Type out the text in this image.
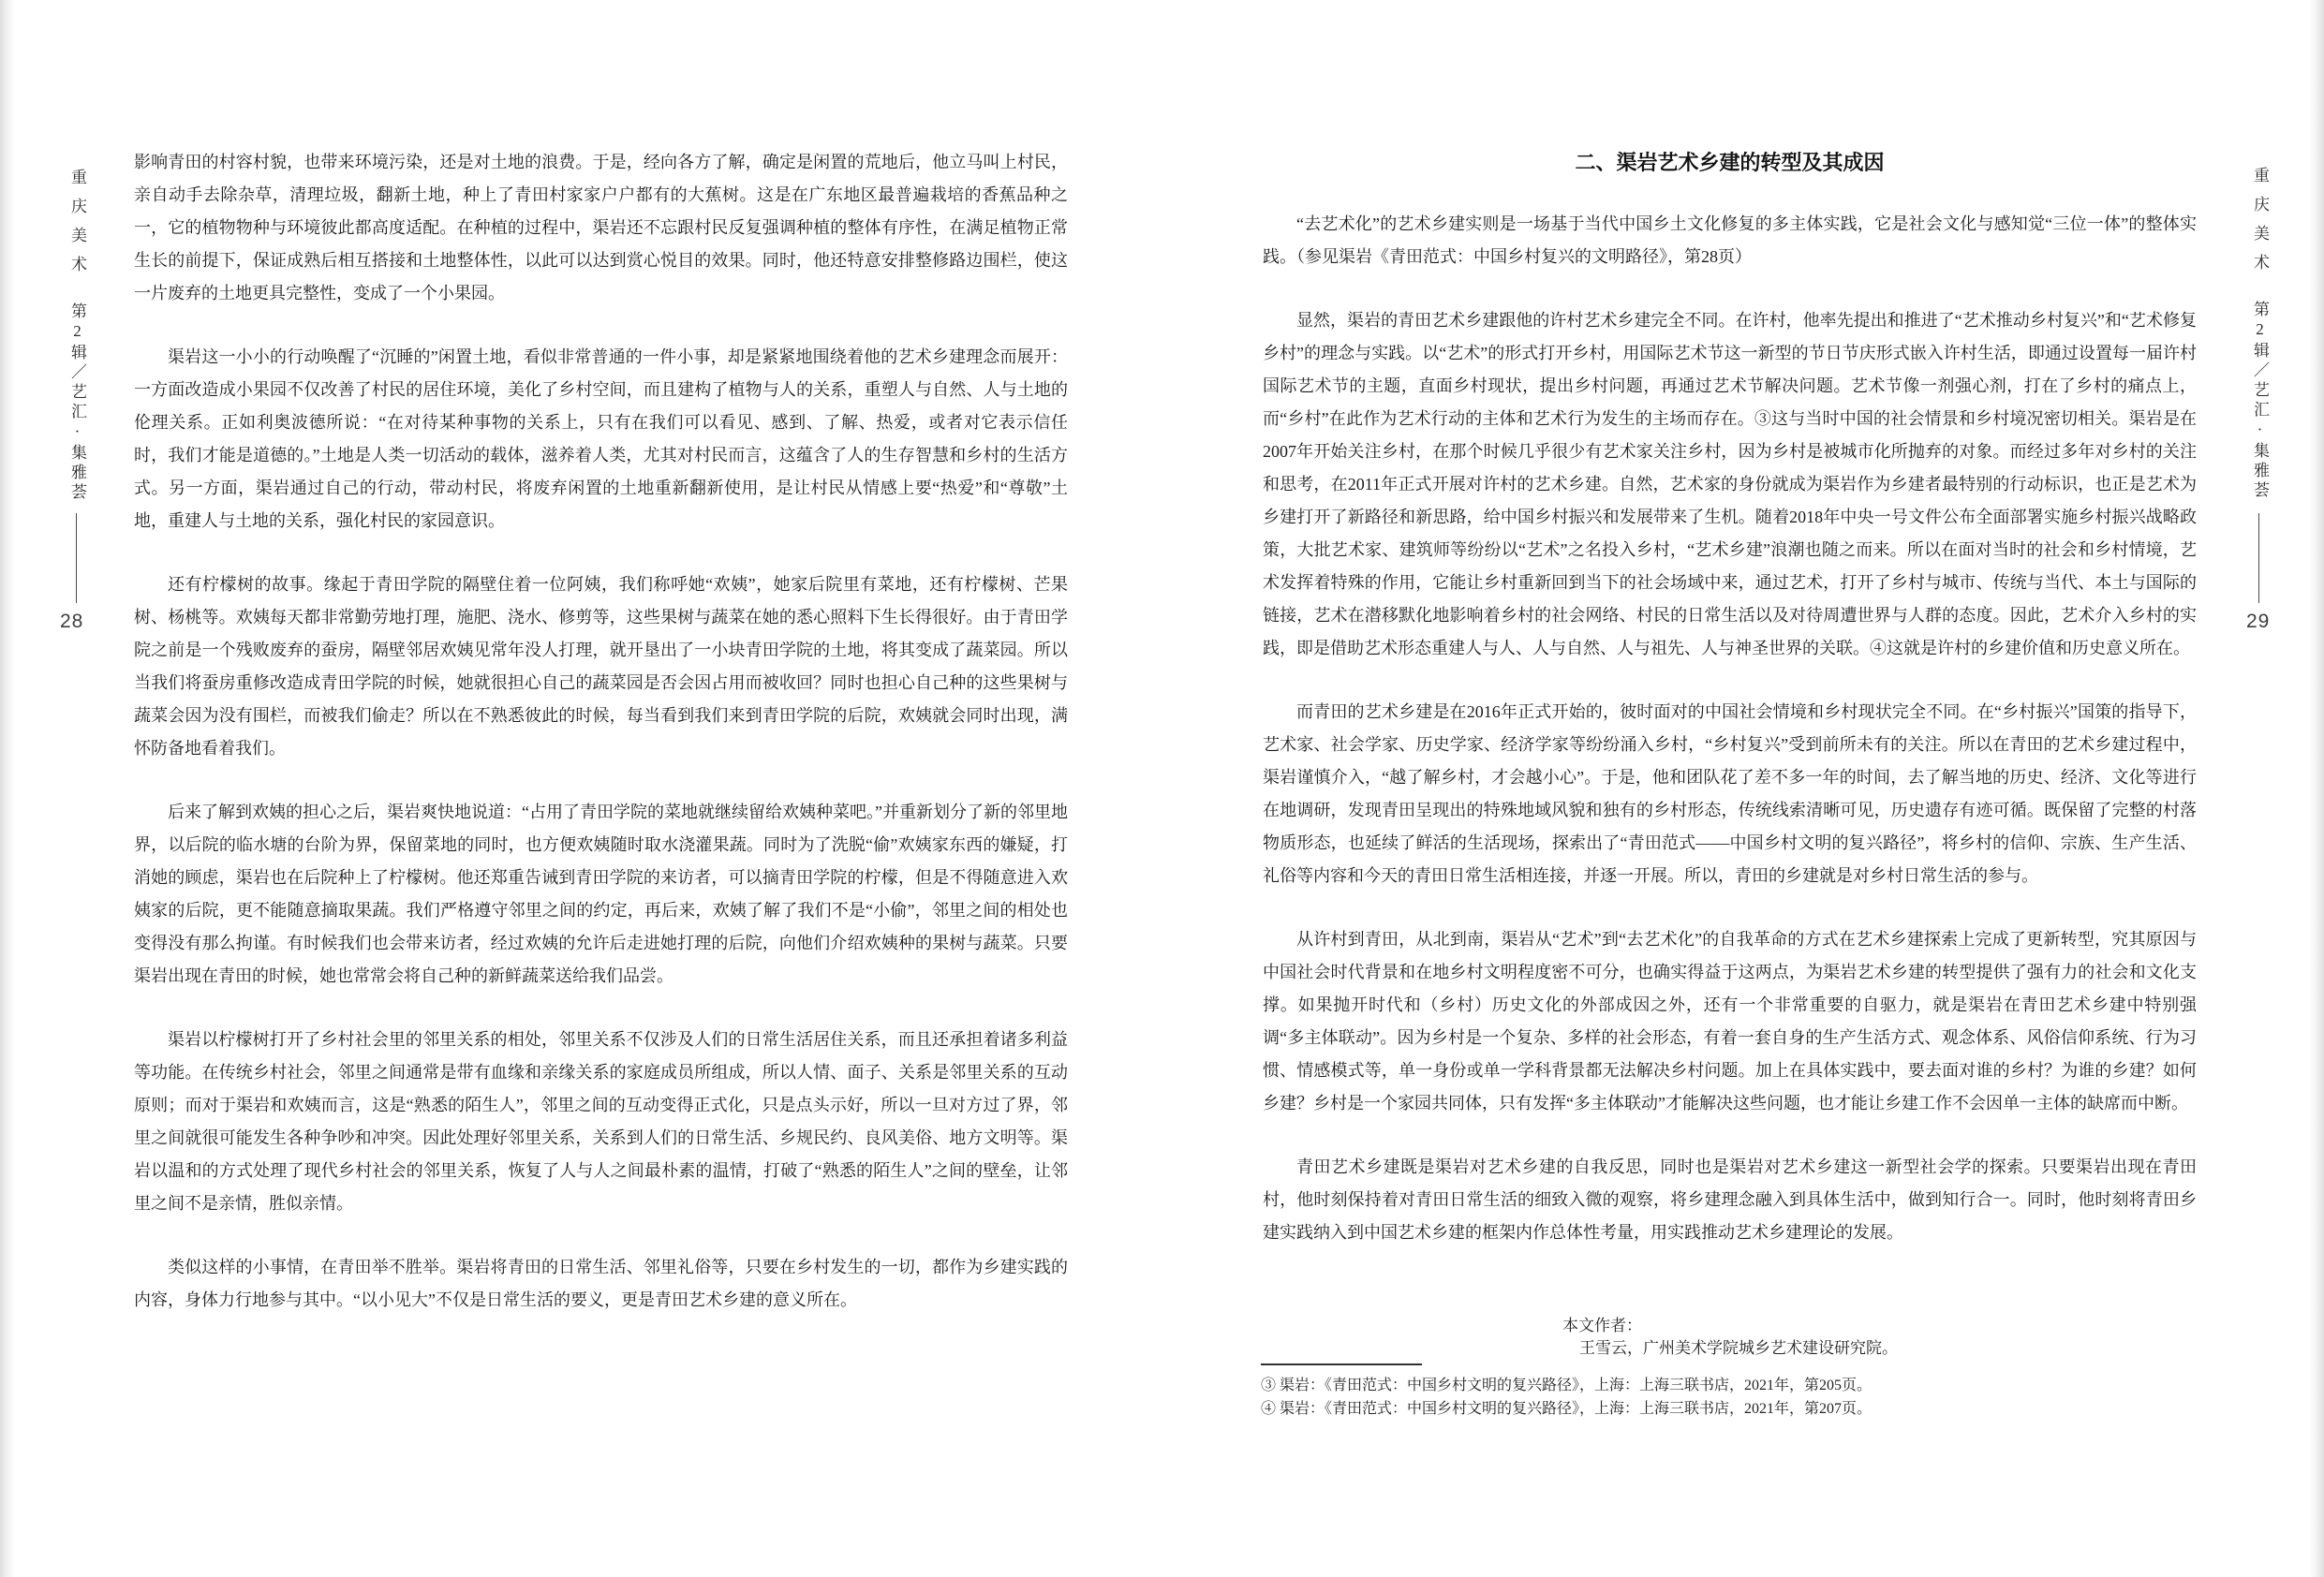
重庆美术 第2辑／艺汇·集雅荟
28

影响青田的村容村貌，也带来环境污染，还是对土地的浪费。于是，经向各方了解，确定是闲置的荒地后，他立马叫上村民，亲自动手去除杂草，清理垃圾，翻新土地，种上了青田村家家户户都有的大蕉树。这是在广东地区最普遍栽培的香蕉品种之一，它的植物物种与环境彼此都高度适配。在种植的过程中，渠岩还不忘跟村民反复强调种植的整体有序性，在满足植物正常生长的前提下，保证成熟后相互搭接和土地整体性，以此可以达到赏心悦目的效果。同时，他还特意安排整修路边围栏，使这一片废弃的土地更具完整性，变成了一个小果园。

渠岩这一小小的行动唤醒了“沉睡的”闲置土地，看似非常普通的一件小事，却是紧紧地围绕着他的艺术乡建理念而展开：一方面改造成小果园不仅改善了村民的居住环境，美化了乡村空间，而且建构了植物与人的关系，重塑人与自然、人与土地的伦理关系。正如利奥波德所说：“在对待某种事物的关系上，只有在我们可以看见、感到、了解、热爱，或者对它表示信任时，我们才能是道德的。”土地是人类一切活动的载体，滋养着人类，尤其对村民而言，这蕴含了人的生存智慧和乡村的生活方式。另一方面，渠岩通过自己的行动，带动村民，将废弃闲置的土地重新翻新使用，是让村民从情感上要“热爱”和“尊敬”土地，重建人与土地的关系，强化村民的家园意识。

还有柠檬树的故事。缘起于青田学院的隔壁住着一位阿姨，我们称呼她“欢姨”，她家后院里有菜地，还有柠檬树、芒果树、杨桃等。欢姨每天都非常勤劳地打理，施肥、浇水、修剪等，这些果树与蔬菜在她的悉心照料下生长得很好。由于青田学院之前是一个残败废弃的蚕房，隔壁邻居欢姨见常年没人打理，就开垦出了一小块青田学院的土地，将其变成了蔬菜园。所以当我们将蚕房重修改造成青田学院的时候，她就很担心自己的蔬菜园是否会因占用而被收回？同时也担心自己种的这些果树与蔬菜会因为没有围栏，而被我们偷走？所以在不熟悉彼此的时候，每当看到我们来到青田学院的后院，欢姨就会同时出现，满怀防备地看着我们。

后来了解到欢姨的担心之后，渠岩爽快地说道：“占用了青田学院的菜地就继续留给欢姨种菜吧。”并重新划分了新的邻里地界，以后院的临水塘的台阶为界，保留菜地的同时，也方便欢姨随时取水浇灌果蔬。同时为了洗脱“偷”欢姨家东西的嫌疑，打消她的顾虑，渠岩也在后院种上了柠檬树。他还郑重告诫到青田学院的来访者，可以摘青田学院的柠檬，但是不得随意进入欢姨家的后院，更不能随意摘取果蔬。我们严格遵守邻里之间的约定，再后来，欢姨了解了我们不是“小偷”，邻里之间的相处也变得没有那么拘谨。有时候我们也会带来访者，经过欢姨的允许后走进她打理的后院，向他们介绍欢姨种的果树与蔬菜。只要渠岩出现在青田的时候，她也常常会将自己种的新鲜蔬菜送给我们品尝。

渠岩以柠檬树打开了乡村社会里的邻里关系的相处，邻里关系不仅涉及人们的日常生活居住关系，而且还承担着诸多利益等功能。在传统乡村社会，邻里之间通常是带有血缘和亲缘关系的家庭成员所组成，所以人情、面子、关系是邻里关系的互动原则；而对于渠岩和欢姨而言，这是“熟悉的陌生人”，邻里之间的互动变得正式化，只是点头示好，所以一旦对方过了界，邻里之间就很可能发生各种争吵和冲突。因此处理好邻里关系，关系到人们的日常生活、乡规民约、良风美俗、地方文明等。渠岩以温和的方式处理了现代乡村社会的邻里关系，恢复了人与人之间最朴素的温情，打破了“熟悉的陌生人”之间的壁垒，让邻里之间不是亲情，胜似亲情。

类似这样的小事情，在青田举不胜举。渠岩将青田的日常生活、邻里礼俗等，只要在乡村发生的一切，都作为乡建实践的内容，身体力行地参与其中。“以小见大”不仅是日常生活的要义，更是青田艺术乡建的意义所在。

二、渠岩艺术乡建的转型及其成因

“去艺术化”的艺术乡建实则是一场基于当代中国乡土文化修复的多主体实践，它是社会文化与感知觉“三位一体”的整体实践。（参见渠岩《青田范式：中国乡村复兴的文明路径》，第28页）

显然，渠岩的青田艺术乡建跟他的许村艺术乡建完全不同。在许村，他率先提出和推进了“艺术推动乡村复兴”和“艺术修复乡村”的理念与实践。以“艺术”的形式打开乡村，用国际艺术节这一新型的节日节庆形式嵌入许村生活，即通过设置每一届许村国际艺术节的主题，直面乡村现状，提出乡村问题，再通过艺术节解决问题。艺术节像一剂强心剂，打在了乡村的痛点上，而“乡村”在此作为艺术行动的主体和艺术行为发生的主场而存在。③这与当时中国的社会情景和乡村境况密切相关。渠岩是在2007年开始关注乡村，在那个时候几乎很少有艺术家关注乡村，因为乡村是被城市化所抛弃的对象。而经过多年对乡村的关注和思考，在2011年正式开展对许村的艺术乡建。自然，艺术家的身份就成为渠岩作为乡建者最特别的行动标识，也正是艺术为乡建打开了新路径和新思路，给中国乡村振兴和发展带来了生机。随着2018年中央一号文件公布全面部署实施乡村振兴战略政策，大批艺术家、建筑师等纷纷以“艺术”之名投入乡村，“艺术乡建”浪潮也随之而来。所以在面对当时的社会和乡村情境，艺术发挥着特殊的作用，它能让乡村重新回到当下的社会场域中来，通过艺术，打开了乡村与城市、传统与当代、本土与国际的链接，艺术在潜移默化地影响着乡村的社会网络、村民的日常生活以及对待周遭世界与人群的态度。因此，艺术介入乡村的实践，即是借助艺术形态重建人与人、人与自然、人与祖先、人与神圣世界的关联。④这就是许村的乡建价值和历史意义所在。

而青田的艺术乡建是在2016年正式开始的，彼时面对的中国社会情境和乡村现状完全不同。在“乡村振兴”国策的指导下，艺术家、社会学家、历史学家、经济学家等纷纷涌入乡村，“乡村复兴”受到前所未有的关注。所以在青田的艺术乡建过程中，渠岩谨慎介入，“越了解乡村，才会越小心”。于是，他和团队花了差不多一年的时间，去了解当地的历史、经济、文化等进行在地调研，发现青田呈现出的特殊地域风貌和独有的乡村形态，传统线索清晰可见，历史遗存有迹可循。既保留了完整的村落物质形态，也延续了鲜活的生活现场，探索出了“青田范式——中国乡村文明的复兴路径”，将乡村的信仰、宗族、生产生活、礼俗等内容和今天的青田日常生活相连接，并逐一开展。所以，青田的乡建就是对乡村日常生活的参与。

从许村到青田，从北到南，渠岩从“艺术”到“去艺术化”的自我革命的方式在艺术乡建探索上完成了更新转型，究其原因与中国社会时代背景和在地乡村文明程度密不可分，也确实得益于这两点，为渠岩艺术乡建的转型提供了强有力的社会和文化支撑。如果抛开时代和（乡村）历史文化的外部成因之外，还有一个非常重要的自驱力，就是渠岩在青田艺术乡建中特别强调“多主体联动”。因为乡村是一个复杂、多样的社会形态，有着一套自身的生产生活方式、观念体系、风俗信仰系统、行为习惯、情感模式等，单一身份或单一学科背景都无法解决乡村问题。加上在具体实践中，要去面对谁的乡村？为谁的乡建？如何乡建？乡村是一个家园共同体，只有发挥“多主体联动”才能解决这些问题，也才能让乡建工作不会因单一主体的缺席而中断。

青田艺术乡建既是渠岩对艺术乡建的自我反思，同时也是渠岩对艺术乡建这一新型社会学的探索。只要渠岩出现在青田村，他时刻保持着对青田日常生活的细致入微的观察，将乡建理念融入到具体生活中，做到知行合一。同时，他时刻将青田乡建实践纳入到中国艺术乡建的框架内作总体性考量，用实践推动艺术乡建理论的发展。

本文作者：
王雪云，广州美术学院城乡艺术建设研究院。
③ 渠岩：《青田范式：中国乡村文明的复兴路径》，上海：上海三联书店，2021年，第205页。
④ 渠岩：《青田范式：中国乡村文明的复兴路径》，上海：上海三联书店，2021年，第207页。
重庆美术 第2辑／艺汇·集雅荟
29
